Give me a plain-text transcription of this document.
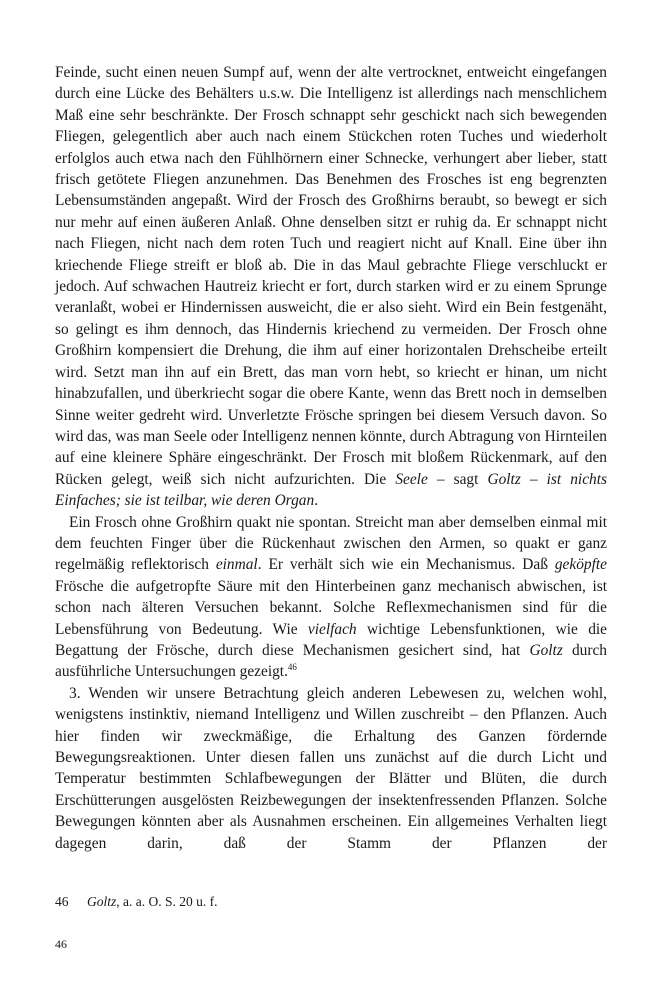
Feinde, sucht einen neuen Sumpf auf, wenn der alte vertrocknet, entweicht eingefangen durch eine Lücke des Behälters u.s.w. Die Intelligenz ist allerdings nach menschlichem Maß eine sehr beschränkte. Der Frosch schnappt sehr geschickt nach sich bewegenden Fliegen, gelegentlich aber auch nach einem Stückchen roten Tuches und wiederholt erfolglos auch etwa nach den Fühlhörnern einer Schnecke, verhungert aber lieber, statt frisch getötete Fliegen anzunehmen. Das Benehmen des Frosches ist eng begrenzten Lebensumständen angepaßt. Wird der Frosch des Großhirns beraubt, so bewegt er sich nur mehr auf einen äußeren Anlaß. Ohne denselben sitzt er ruhig da. Er schnappt nicht nach Fliegen, nicht nach dem roten Tuch und reagiert nicht auf Knall. Eine über ihn kriechende Fliege streift er bloß ab. Die in das Maul gebrachte Fliege verschluckt er jedoch. Auf schwachen Hautreiz kriecht er fort, durch starken wird er zu einem Sprunge veranlaßt, wobei er Hindernissen ausweicht, die er also sieht. Wird ein Bein festgenäht, so gelingt es ihm dennoch, das Hindernis kriechend zu vermeiden. Der Frosch ohne Großhirn kompensiert die Drehung, die ihm auf einer horizontalen Drehscheibe erteilt wird. Setzt man ihn auf ein Brett, das man vorn hebt, so kriecht er hinan, um nicht hinabzufallen, und überkriecht sogar die obere Kante, wenn das Brett noch in demselben Sinne weiter gedreht wird. Unverletzte Frösche springen bei diesem Versuch davon. So wird das, was man Seele oder Intelligenz nennen könnte, durch Abtragung von Hirnteilen auf eine kleinere Sphäre eingeschränkt. Der Frosch mit bloßem Rückenmark, auf den Rücken gelegt, weiß sich nicht aufzurichten. Die Seele – sagt Goltz – ist nichts Einfaches; sie ist teilbar, wie deren Organ.

Ein Frosch ohne Großhirn quakt nie spontan. Streicht man aber demselben einmal mit dem feuchten Finger über die Rückenhaut zwischen den Armen, so quakt er ganz regelmäßig reflektorisch einmal. Er verhält sich wie ein Mechanismus. Daß geköpfte Frösche die aufgetropfte Säure mit den Hinterbeinen ganz mechanisch abwischen, ist schon nach älteren Versuchen bekannt. Solche Reflexmechanismen sind für die Lebensführung von Bedeutung. Wie vielfach wichtige Lebensfunktionen, wie die Begattung der Frösche, durch diese Mechanismen gesichert sind, hat Goltz durch ausführliche Untersuchungen gezeigt.$^{46}$

3. Wenden wir unsere Betrachtung gleich anderen Lebewesen zu, welchen wohl, wenigstens instinktiv, niemand Intelligenz und Willen zuschreibt – den Pflanzen. Auch hier finden wir zweckmäßige, die Erhaltung des Ganzen fördernde Bewegungsreaktionen. Unter diesen fallen uns zunächst auf die durch Licht und Temperatur bestimmten Schlafbewegungen der Blätter und Blüten, die durch Erschütterungen ausgelösten Reizbewegungen der insektenfressenden Pflanzen. Solche Bewegungen könnten aber als Ausnahmen erscheinen. Ein allgemeines Verhalten liegt dagegen darin, daß der Stamm der Pflanzen der

46 Goltz, a. a. O. S. 20 u. f.
46
